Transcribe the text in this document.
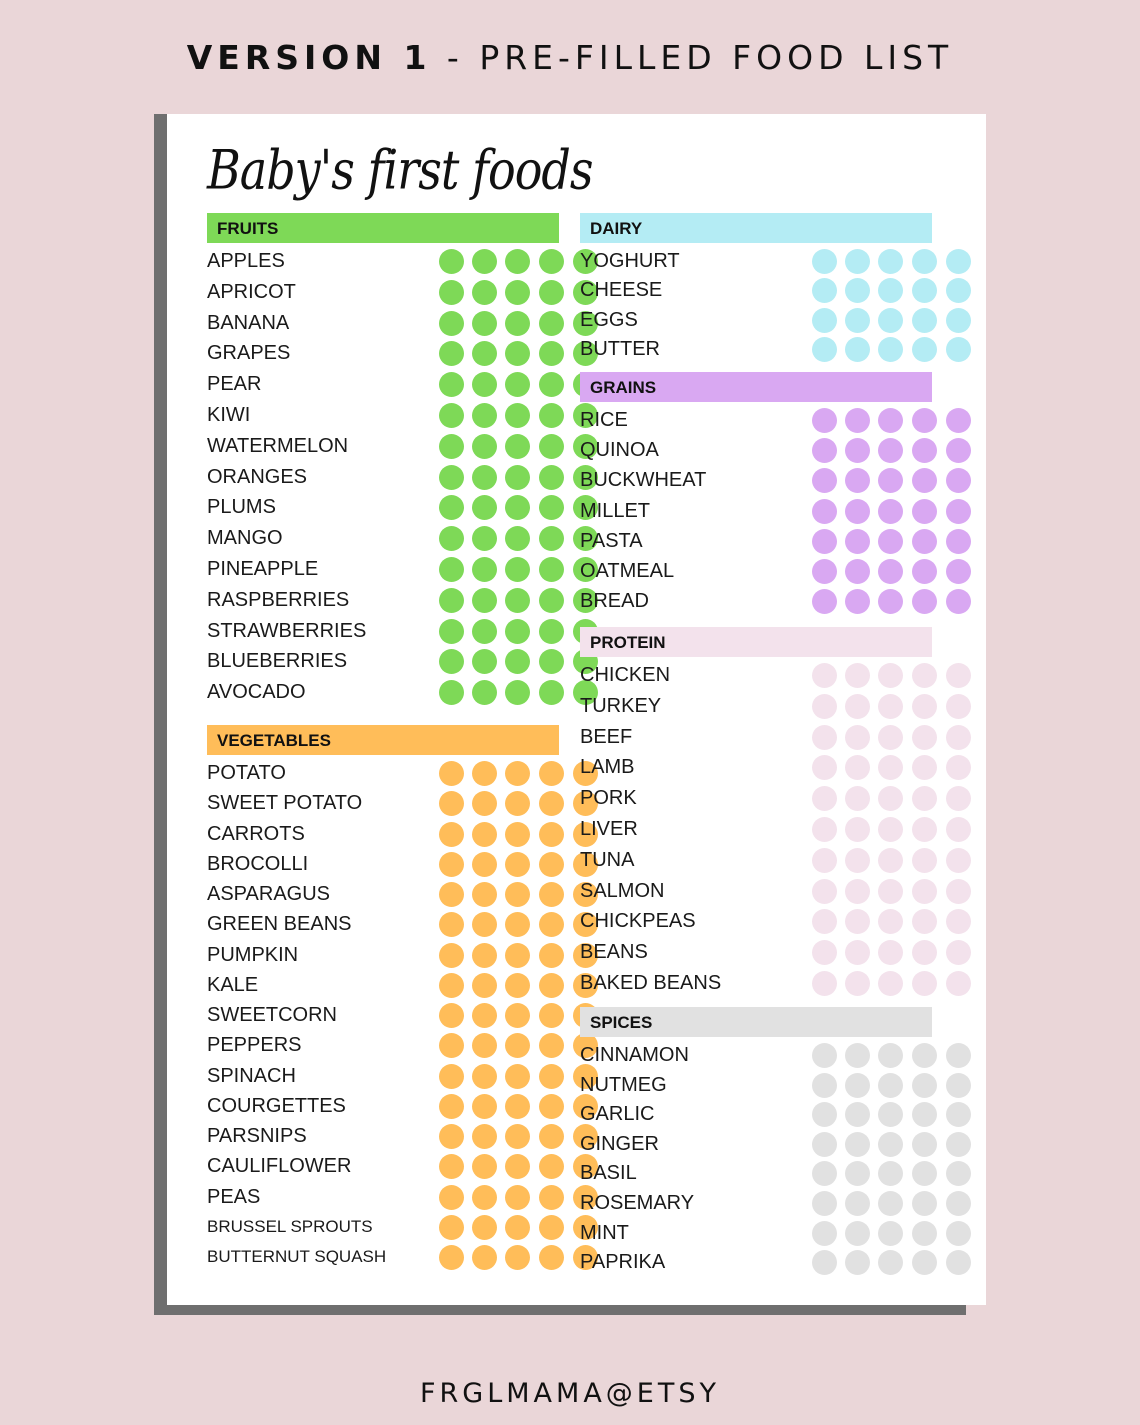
VERSION 1 - PRE-FILLED FOOD LIST
Baby's first foods
FRUITS
APPLES
APRICOT
BANANA
GRAPES
PEAR
KIWI
WATERMELON
ORANGES
PLUMS
MANGO
PINEAPPLE
RASPBERRIES
STRAWBERRIES
BLUEBERRIES
AVOCADO
VEGETABLES
POTATO
SWEET POTATO
CARROTS
BROCOLLI
ASPARAGUS
GREEN BEANS
PUMPKIN
KALE
SWEETCORN
PEPPERS
SPINACH
COURGETTES
PARSNIPS
CAULIFLOWER
PEAS
BRUSSEL SPROUTS
BUTTERNUT SQUASH
DAIRY
YOGHURT
CHEESE
EGGS
BUTTER
GRAINS
RICE
QUINOA
BUCKWHEAT
MILLET
PASTA
OATMEAL
BREAD
PROTEIN
CHICKEN
TURKEY
BEEF
LAMB
PORK
LIVER
TUNA
SALMON
CHICKPEAS
BEANS
BAKED BEANS
SPICES
CINNAMON
NUTMEG
GARLIC
GINGER
BASIL
ROSEMARY
MINT
PAPRIKA
FRGLMAMA@ETSY
